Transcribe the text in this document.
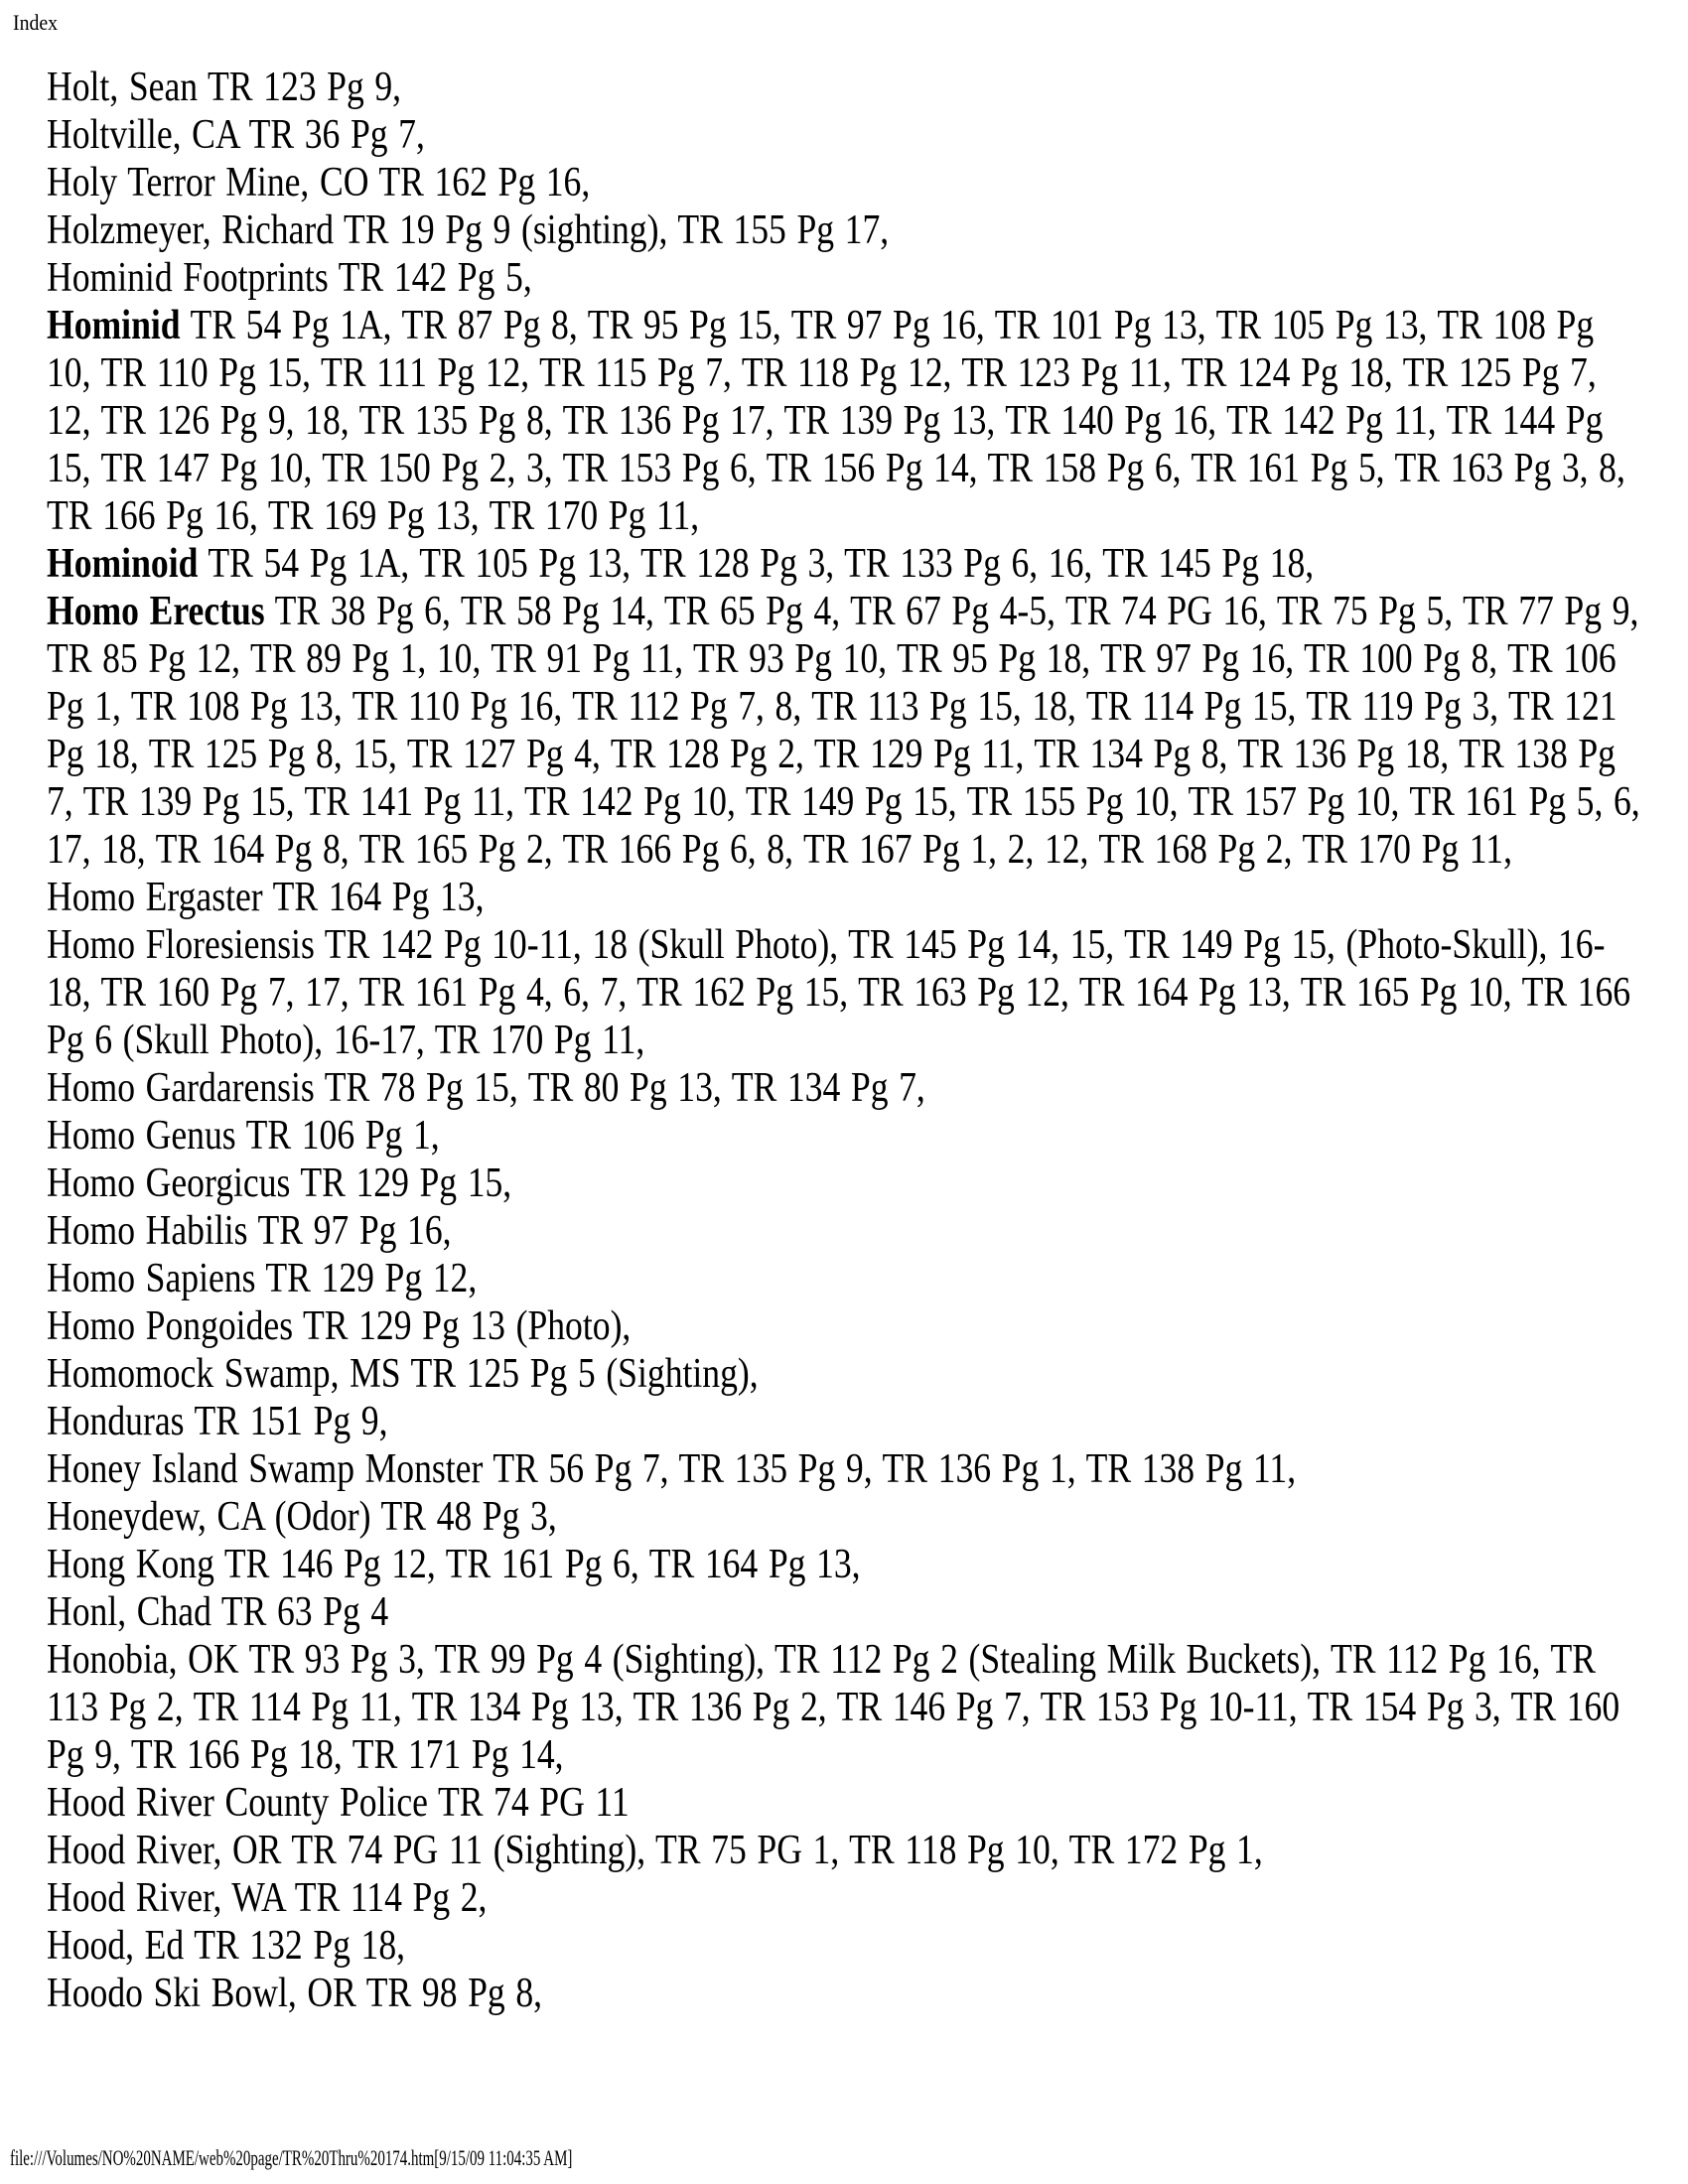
Index

Holt, Sean TR 123 Pg 9,

Holtville, CA TR 36 Pg 7,

Holy Terror Mine, CO TR 162 Pg 16,

Holzmeyer, Richard TR 19 Pg 9 (sighting), TR 155 Pg 17,

Hominid Footprints TR 142 Pg 5,

Hominid TR 54 Pg 1A, TR 87 Pg 8, TR 95 Pg 15, TR 97 Pg 16, TR 101 Pg 13, TR 105 Pg 13, TR 108 Pg 10, TR 110 Pg 15, TR 111 Pg 12, TR 115 Pg 7, TR 118 Pg 12, TR 123 Pg 11, TR 124 Pg 18, TR 125 Pg 7, 12, TR 126 Pg 9, 18, TR 135 Pg 8, TR 136 Pg 17, TR 139 Pg 13, TR 140 Pg 16, TR 142 Pg 11, TR 144 Pg 15, TR 147 Pg 10, TR 150 Pg 2, 3, TR 153 Pg 6, TR 156 Pg 14, TR 158 Pg 6, TR 161 Pg 5, TR 163 Pg 3, 8, TR 166 Pg 16, TR 169 Pg 13, TR 170 Pg 11,

Hominoid TR 54 Pg 1A, TR 105 Pg 13, TR 128 Pg 3, TR 133 Pg 6, 16, TR 145 Pg 18,

Homo Erectus TR 38 Pg 6, TR 58 Pg 14, TR 65 Pg 4, TR 67 Pg 4-5, TR 74 PG 16, TR 75 Pg 5, TR 77 Pg 9, TR 85 Pg 12, TR 89 Pg 1, 10, TR 91 Pg 11, TR 93 Pg 10, TR 95 Pg 18, TR 97 Pg 16, TR 100 Pg 8, TR 106 Pg 1, TR 108 Pg 13, TR 110 Pg 16, TR 112 Pg 7, 8, TR 113 Pg 15, 18, TR 114 Pg 15, TR 119 Pg 3, TR 121 Pg 18, TR 125 Pg 8, 15, TR 127 Pg 4, TR 128 Pg 2, TR 129 Pg 11, TR 134 Pg 8, TR 136 Pg 18, TR 138 Pg 7, TR 139 Pg 15, TR 141 Pg 11, TR 142 Pg 10, TR 149 Pg 15, TR 155 Pg 10, TR 157 Pg 10, TR 161 Pg 5, 6, 17, 18, TR 164 Pg 8, TR 165 Pg 2, TR 166 Pg 6, 8, TR 167 Pg 1, 2, 12, TR 168 Pg 2, TR 170 Pg 11,

Homo Ergaster TR 164 Pg 13,

Homo Floresiensis TR 142 Pg 10-11, 18 (Skull Photo), TR 145 Pg 14, 15, TR 149 Pg 15, (Photo-Skull), 16-18, TR 160 Pg 7, 17, TR 161 Pg 4, 6, 7, TR 162 Pg 15, TR 163 Pg 12, TR 164 Pg 13, TR 165 Pg 10, TR 166 Pg 6 (Skull Photo), 16-17, TR 170 Pg 11,

Homo Gardarensis TR 78 Pg 15, TR 80 Pg 13, TR 134 Pg 7,

Homo Genus TR 106 Pg 1,

Homo Georgicus TR 129 Pg 15,

Homo Habilis TR 97 Pg 16,

Homo Sapiens TR 129 Pg 12,

Homo Pongoides TR 129 Pg 13 (Photo),

Homomock Swamp, MS TR 125 Pg 5 (Sighting),

Honduras TR 151 Pg 9,

Honey Island Swamp Monster TR 56 Pg 7, TR 135 Pg 9, TR 136 Pg 1, TR 138 Pg 11,

Honeydew, CA (Odor) TR 48 Pg 3,

Hong Kong TR 146 Pg 12, TR 161 Pg 6, TR 164 Pg 13,

Honl, Chad TR 63 Pg 4

Honobia, OK TR 93 Pg 3, TR 99 Pg 4 (Sighting), TR 112 Pg 2 (Stealing Milk Buckets), TR 112 Pg 16, TR 113 Pg 2, TR 114 Pg 11, TR 134 Pg 13, TR 136 Pg 2, TR 146 Pg 7, TR 153 Pg 10-11, TR 154 Pg 3, TR 160 Pg 9, TR 166 Pg 18, TR 171 Pg 14,

Hood River County Police TR 74 PG 11

Hood River, OR TR 74 PG 11 (Sighting), TR 75 PG 1, TR 118 Pg 10, TR 172 Pg 1,

Hood River, WA TR 114 Pg 2,

Hood, Ed TR 132 Pg 18,

Hoodo Ski Bowl, OR TR 98 Pg 8,

file:///Volumes/NO%20NAME/web%20page/TR%20Thru%20174.htm[9/15/09 11:04:35 AM]
